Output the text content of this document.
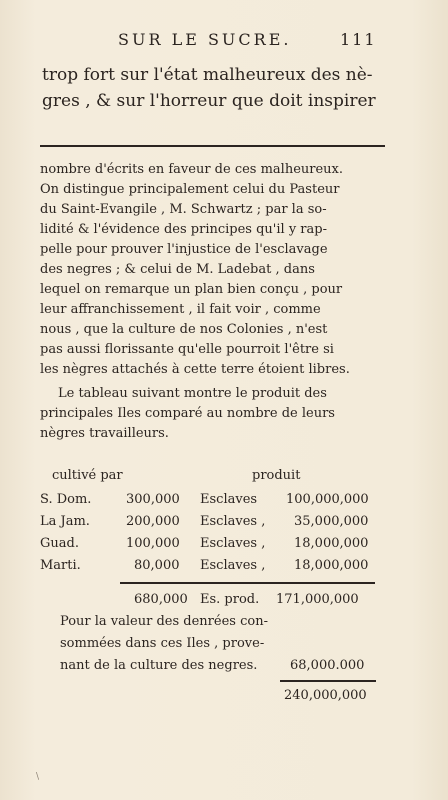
SUR LE SUCRE.	111
trop fort sur l'état malheureux des nè-
gres , & sur l'horreur que doit inspirer
nombre d'écrits en faveur de ces malheureux.
On distingue principalement celui du Pasteur
du Saint-Evangile , M. Schwartz ; par la so-
lidité & l'évidence des principes qu'il y rap-
pelle pour prouver l'injustice de l'esclavage
des negres ; & celui de M. Ladebat , dans
lequel on remarque un plan bien conçu , pour
leur affranchissement , il fait voir , comme
nous , que la culture de nos Colonies , n'est
pas aussi florissante qu'elle pourroit l'être si
les nègres attachés à cette terre étoient libres.
Le tableau suivant montre le produit des
principales Iles comparé au nombre de leurs
nègres travailleurs.
cultivé par	produit
S. Dom.	300,000 Esclaves 100,000,000
La Jam.	200,000 Esclaves , 35,000,000
Guad.	100,000 Esclaves , 18,000,000
Marti.	80,000 Esclaves , 18,000,000
680,000 Es. prod. 171,000,000
Pour la valeur des denrées con-
sommées dans ces Iles , prove-
nant de la culture des negres.	68,000.000
240,000,000
\
